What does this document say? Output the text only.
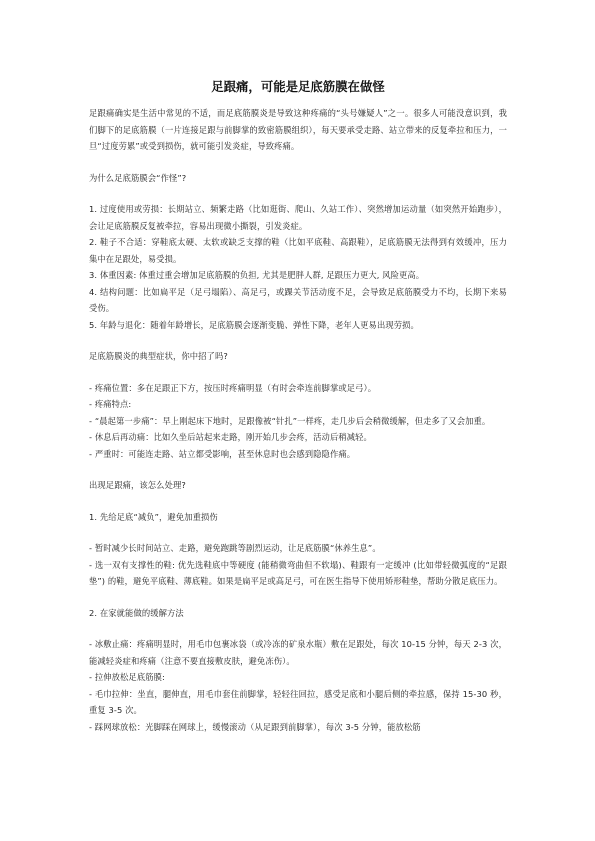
足跟痛，可能是足底筋膜在做怪

足跟痛确实是生活中常见的不适，而足底筋膜炎是导致这种疼痛的“头号嫌疑人”之一。很多人可能没意识到，我们脚下的足底筋膜（一片连接足跟与前脚掌的致密筋膜组织），每天要承受走路、站立带来的反复牵拉和压力，一旦“过度劳累”或受到损伤，就可能引发炎症，导致疼痛。

为什么足底筋膜会“作怪”?

1. 过度使用或劳损：长期站立、频繁走路（比如逛街、爬山、久站工作）、突然增加运动量（如突然开始跑步），会让足底筋膜反复被牵拉，容易出现微小撕裂，引发炎症。

2. 鞋子不合适：穿鞋底太硬、太软或缺乏支撑的鞋（比如平底鞋、高跟鞋），足底筋膜无法得到有效缓冲，压力集中在足跟处，易受损。

3. 体重因素: 体重过重会增加足底筋膜的负担, 尤其是肥胖人群, 足跟压力更大, 风险更高。

4. 结构问题：比如扁平足（足弓塌陷）、高足弓，或踝关节活动度不足，会导致足底筋膜受力不均，长期下来易受伤。

5. 年龄与退化：随着年龄增长，足底筋膜会逐渐变脆、弹性下降，老年人更易出现劳损。

足底筋膜炎的典型症状，你中招了吗?

- 疼痛位置：多在足跟正下方，按压时疼痛明显（有时会牵连前脚掌或足弓）。

- 疼痛特点:

- “晨起第一步痛”：早上刚起床下地时，足跟像被“针扎”一样疼，走几步后会稍微缓解，但走多了又会加重。

- 休息后再动痛：比如久坐后站起来走路，刚开始几步会疼，活动后稍减轻。

- 严重时：可能连走路、站立都受影响，甚至休息时也会感到隐隐作痛。

出现足跟痛，该怎么处理?

1. 先给足底“减负”，避免加重损伤

- 暂时减少长时间站立、走路，避免跑跳等剧烈运动，让足底筋膜“休养生息”。

- 选一双有支撑性的鞋: 优先选鞋底中等硬度 (能稍微弯曲但不软塌)、鞋跟有一定缓冲 (比如带轻微弧度的“足跟垫”) 的鞋，避免平底鞋、薄底鞋。如果是扁平足或高足弓，可在医生指导下使用矫形鞋垫，帮助分散足底压力。

2. 在家就能做的缓解方法

- 冰敷止痛：疼痛明显时，用毛巾包裹冰袋（或冷冻的矿泉水瓶）敷在足跟处，每次 10-15 分钟，每天 2-3 次，能减轻炎症和疼痛（注意不要直接敷皮肤，避免冻伤）。

- 拉伸放松足底筋膜:

- 毛巾拉伸：坐直，腿伸直，用毛巾套住前脚掌，轻轻往回拉，感受足底和小腿后侧的牵拉感，保持 15-30 秒，重复 3-5 次。

- 踩网球放松：光脚踩在网球上，缓慢滚动（从足跟到前脚掌），每次 3-5 分钟，能放松筋
